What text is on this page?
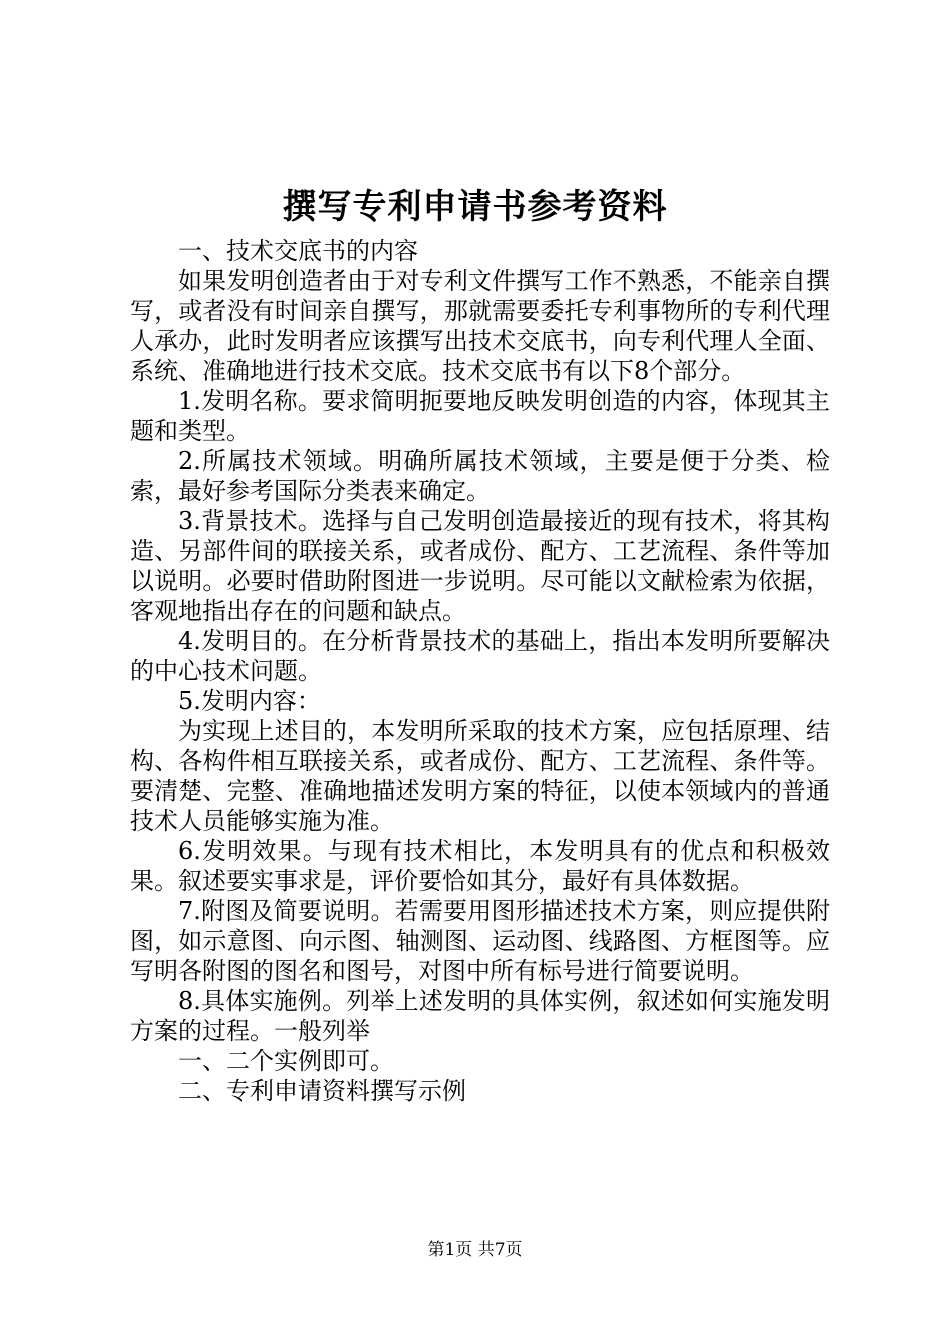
撰写专利申请书参考资料

一、技术交底书的内容

如果发明创造者由于对专利文件撰写工作不熟悉，不能亲自撰写，或者没有时间亲自撰写，那就需要委托专利事物所的专利代理人承办，此时发明者应该撰写出技术交底书，向专利代理人全面、系统、准确地进行技术交底。技术交底书有以下8个部分。

1.发明名称。要求简明扼要地反映发明创造的内容，体现其主题和类型。

2.所属技术领域。明确所属技术领域，主要是便于分类、检索，最好参考国际分类表来确定。

3.背景技术。选择与自己发明创造最接近的现有技术，将其构造、另部件间的联接关系，或者成份、配方、工艺流程、条件等加以说明。必要时借助附图进一步说明。尽可能以文献检索为依据，客观地指出存在的问题和缺点。

4.发明目的。在分析背景技术的基础上，指出本发明所要解决的中心技术问题。

5.发明内容：

为实现上述目的，本发明所采取的技术方案，应包括原理、结构、各构件相互联接关系，或者成份、配方、工艺流程、条件等。要清楚、完整、准确地描述发明方案的特征，以使本领域内的普通技术人员能够实施为准。

6.发明效果。与现有技术相比，本发明具有的优点和积极效果。叙述要实事求是，评价要恰如其分，最好有具体数据。

7.附图及简要说明。若需要用图形描述技术方案，则应提供附图，如示意图、向示图、轴测图、运动图、线路图、方框图等。应写明各附图的图名和图号，对图中所有标号进行简要说明。

8.具体实施例。列举上述发明的具体实例，叙述如何实施发明方案的过程。一般列举

一、二个实例即可。

二、专利申请资料撰写示例

第1页 共7页
